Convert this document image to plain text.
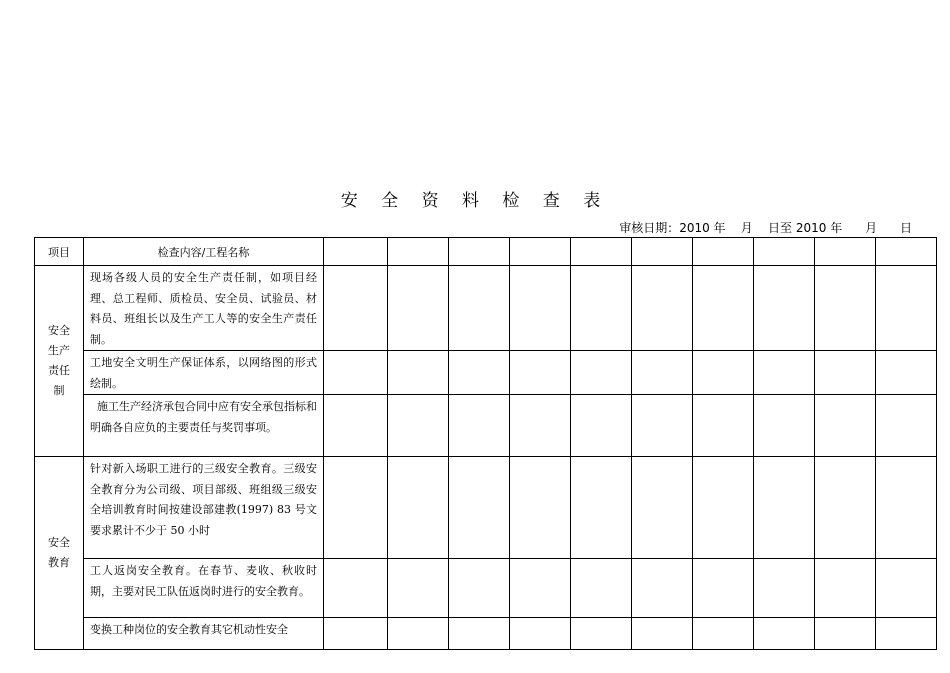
安 全 资 料 检 查 表
审核日期：2010 年    月    日至 2010 年      月      日
项目	检查内容/工程名称										

安全
生产
责任
制	现场各级人员的安全生产责任制，如项目经理、总工程师、质检员、安全员、试验员、材料员、班组长以及生产工人等的安全生产责任制。										
	工地安全文明生产保证体系，以网络图的形式绘制。										
	施工生产经济承包合同中应有安全承包指标和明确各自应负的主要责任与奖罚事项。										

安全
教育	针对新入场职工进行的三级安全教育。三级安全教育分为公司级、项目部级、班组级三级安全培训教育时间按建设部建教(1997) 83 号文要求累计不少于 50 小时										
	工人返岗安全教育。在春节、麦收、秋收时期，主要对民工队伍返岗时进行的安全教育。										
	变换工种岗位的安全教育其它机动性安全										
